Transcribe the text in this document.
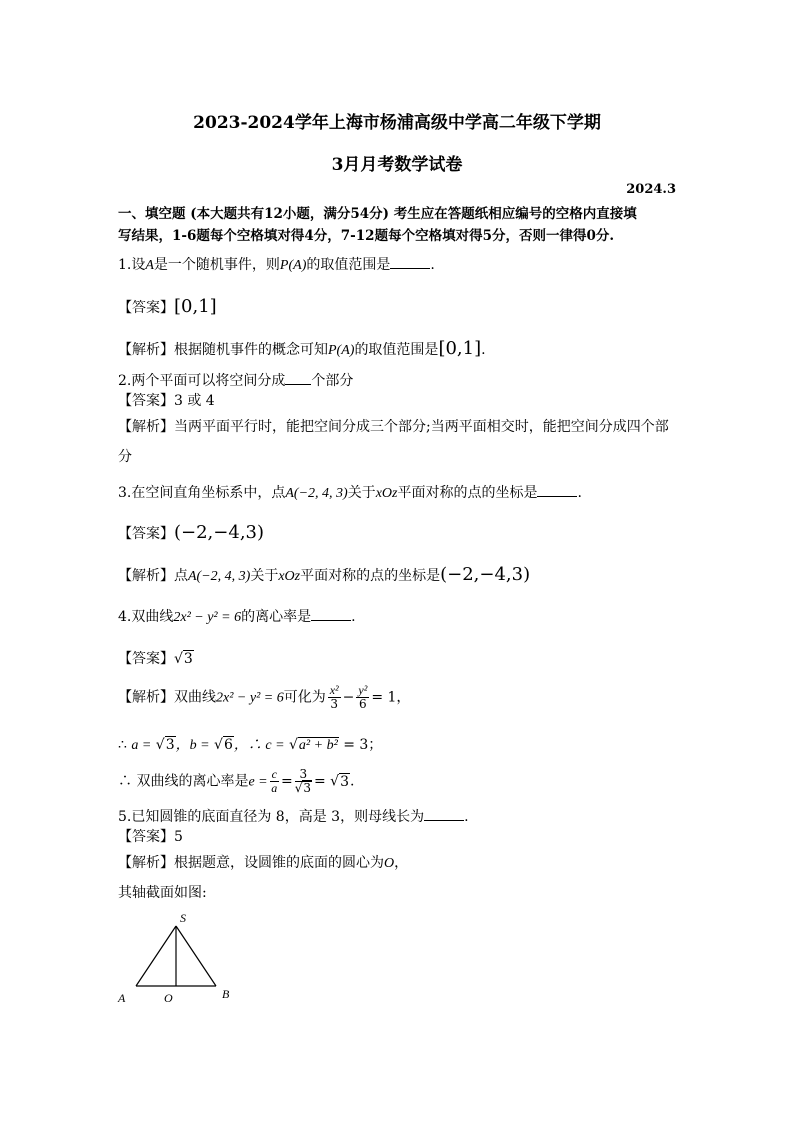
2023-2024学年上海市杨浦高级中学高二年级下学期
3月月考数学试卷
2024.3
一、填空题 (本大题共有12小题，满分54分) 考生应在答题纸相应编号的空格内直接填
写结果，1-6题每个空格填对得4分，7-12题每个空格填对得5分，否则一律得0分.
1.设A是一个随机事件，则P(A)的取值范围是	.
【答案】[0,1]
【解析】根据随机事件的概念可知P(A)的取值范围是[0,1].
2.两个平面可以将空间分成 个部分
【答案】3 或 4
【解析】当两平面平行时，能把空间分成三个部分;当两平面相交时，能把空间分成四个部
分
3.在空间直角坐标系中，点A(−2, 4, 3)关于xOz平面对称的点的坐标是	.
【答案】(−2,−4,3)
【解析】点A(−2, 4, 3)关于xOz平面对称的点的坐标是(−2,−4,3)
4.双曲线2x² − y² = 6的离心率是	.
【答案】√3
【解析】双曲线2x² − y² = 6可化为 $\frac{\text{x²}}{3} - \frac{\text{y²}}{6} = 1$，
∴ a = √3，b = √6，∴ c = √a² + b² = 3；
∴ 双曲线的离心率是$e = \frac{c}{a} = \frac{3}{√3} = √3$.
5.已知圆锥的底面直径为 8，高是 3，则母线长为	.
【答案】5
【解析】根据题意，设圆锥的底面的圆心为O，
其轴截面如图:
S
A	O	B
